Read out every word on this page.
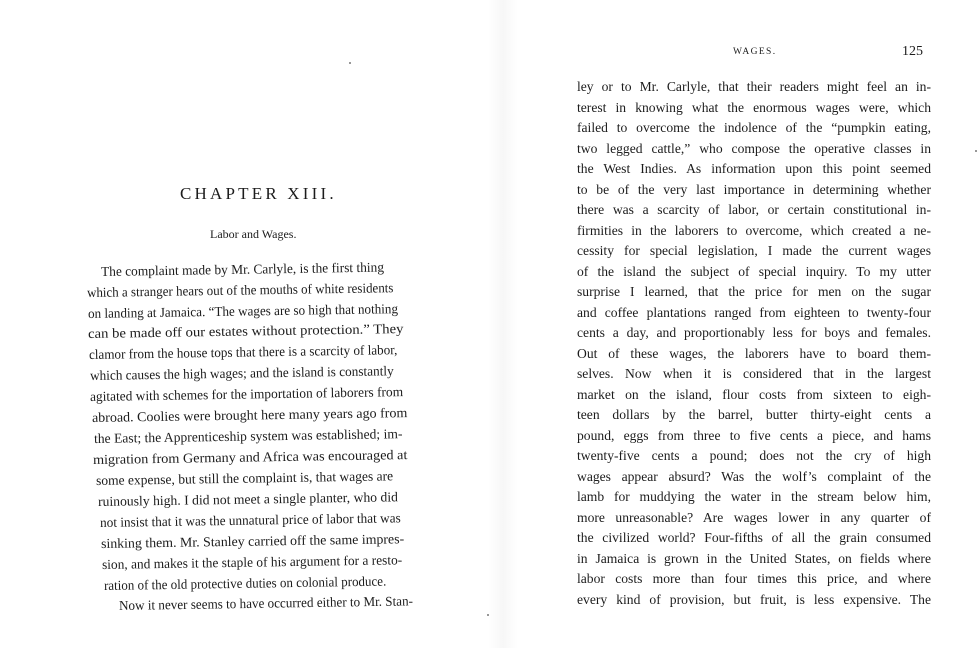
CHAPTER XIII.
Labor and Wages.
The complaint made by Mr. Carlyle, is the first thing
which a stranger hears out of the mouths of white residents
on landing at Jamaica. “The wages are so high that nothing
can be made off our estates without protection.” They
clamor from the house tops that there is a scarcity of labor,
which causes the high wages; and the island is constantly
agitated with schemes for the importation of laborers from
abroad. Coolies were brought here many years ago from
the East; the Apprenticeship system was established; im-
migration from Germany and Africa was encouraged at
some expense, but still the complaint is, that wages are
ruinously high. I did not meet a single planter, who did
not insist that it was the unnatural price of labor that was
sinking them. Mr. Stanley carried off the same impres-
sion, and makes it the staple of his argument for a resto-
ration of the old protective duties on colonial produce.
Now it never seems to have occurred either to Mr. Stan-
WAGES.	125
ley or to Mr. Carlyle, that their readers might feel an in-
terest in knowing what the enormous wages were, which
failed to overcome the indolence of the “pumpkin eating,
two legged cattle,” who compose the operative classes in
the West Indies. As information upon this point seemed
to be of the very last importance in determining whether
there was a scarcity of labor, or certain constitutional in-
firmities in the laborers to overcome, which created a ne-
cessity for special legislation, I made the current wages
of the island the subject of special inquiry. To my utter
surprise I learned, that the price for men on the sugar
and coffee plantations ranged from eighteen to twenty-four
cents a day, and proportionably less for boys and females.
Out of these wages, the laborers have to board them-
selves. Now when it is considered that in the largest
market on the island, flour costs from sixteen to eigh-
teen dollars by the barrel, butter thirty-eight cents a
pound, eggs from three to five cents a piece, and hams
twenty-five cents a pound; does not the cry of high
wages appear absurd? Was the wolf’s complaint of the
lamb for muddying the water in the stream below him,
more unreasonable? Are wages lower in any quarter of
the civilized world? Four-fifths of all the grain consumed
in Jamaica is grown in the United States, on fields where
labor costs more than four times this price, and where
every kind of provision, but fruit, is less expensive. The
